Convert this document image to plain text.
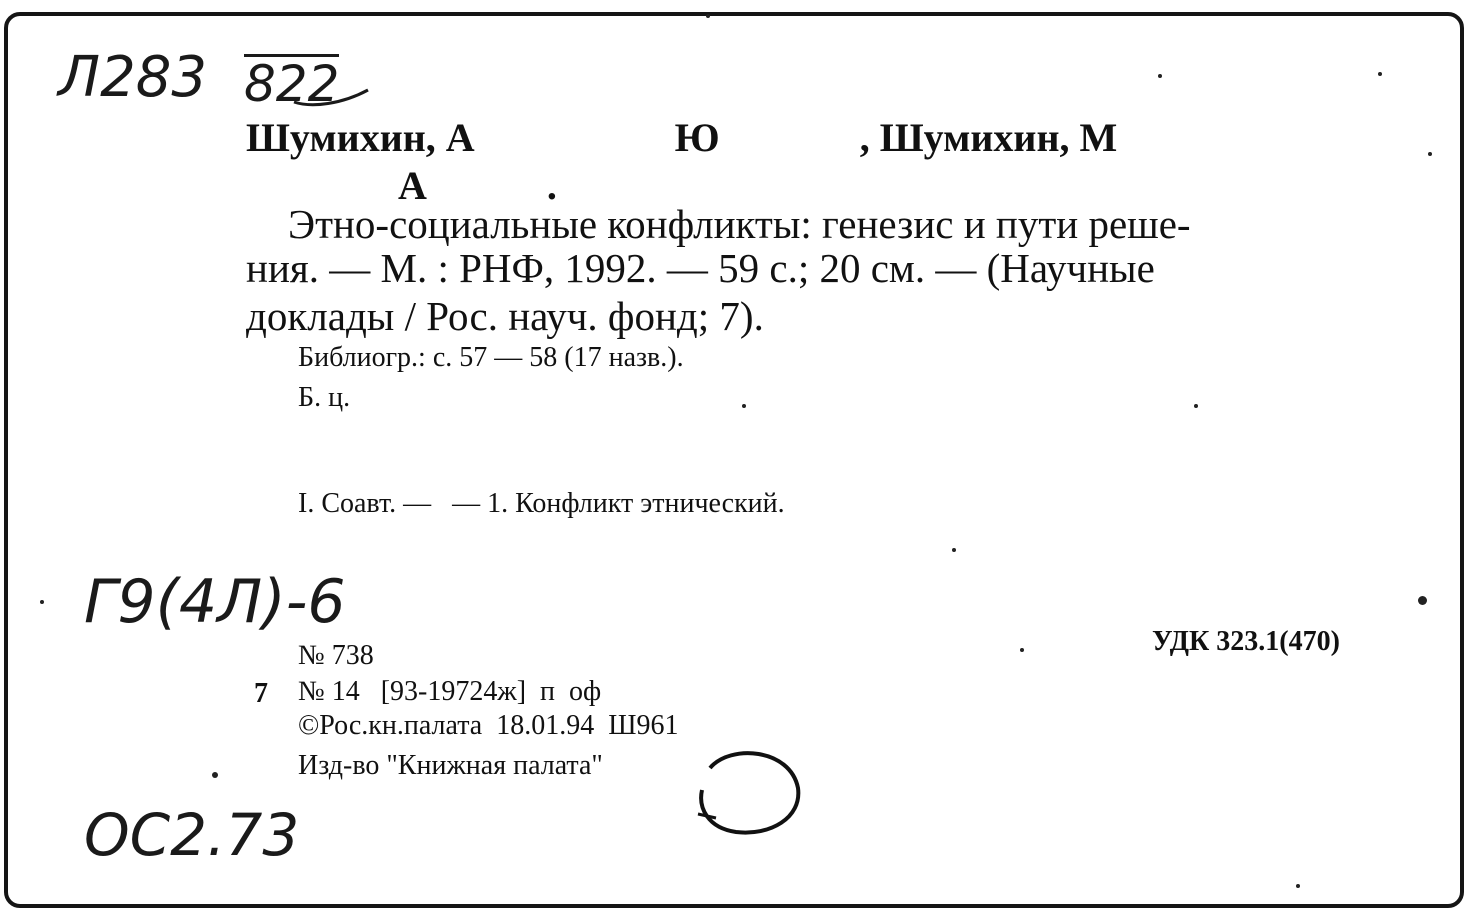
Л283 822
Шумихин, А                    Ю              , Шумихин, М
А            .
Этно-социальные конфликты: генезис и пути реше-
ния. — М. : РНФ, 1992. — 59 с.; 20 см. — (Научные
доклады / Рос. науч. фонд; 7).
Библиогр.: с. 57 — 58 (17 назв.).
Б. ц.
I. Соавт. —   — 1. Конфликт этнический.
Г9(4Л)-6
№ 738	УДК 323.1(470)
7 № 14   [93-19724ж]  п  оф
©Рос.кн.палата  18.01.94  Ш961
Изд-во "Книжная палата"
ОС2.73
